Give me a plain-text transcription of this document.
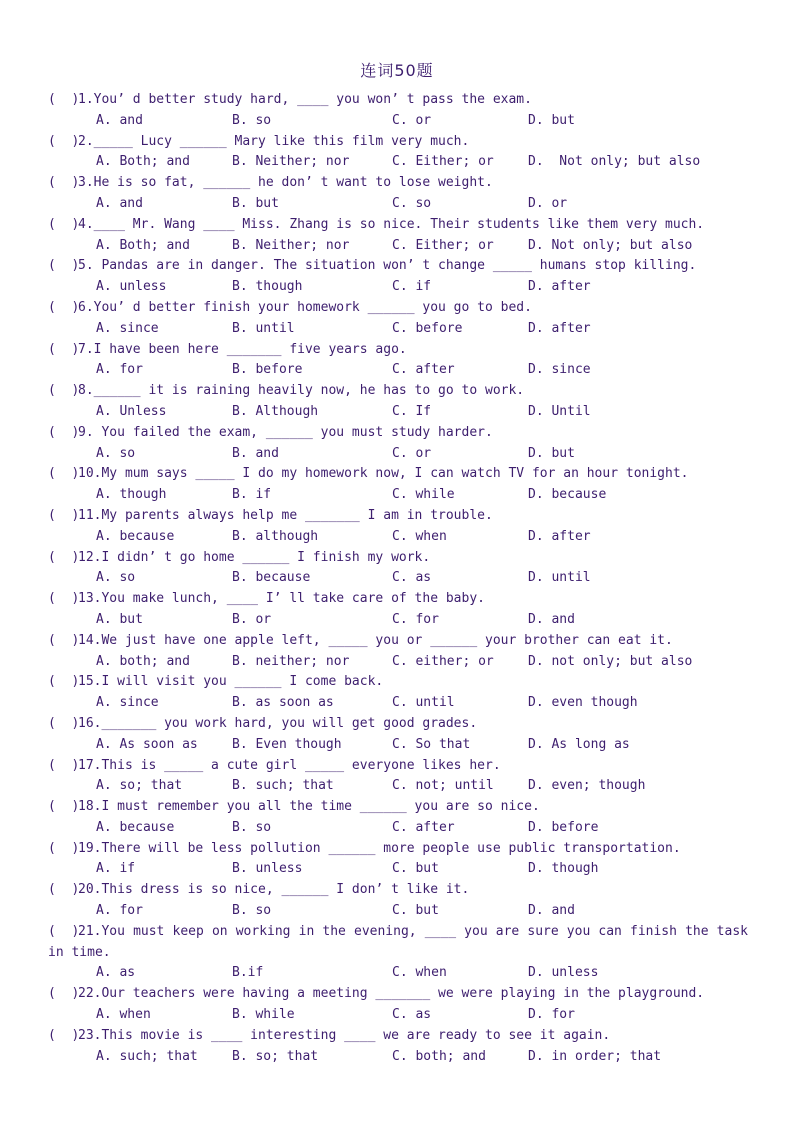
连词50题
(  )1.You’ d better study hard, ____ you won’ t pass the exam.
A. and	B. so	C. or	D. but
(  )2._____ Lucy ______ Mary like this film very much.
A. Both; and	B. Neither; nor	C. Either; or	D.  Not only; but also
(  )3.He is so fat, ______ he don’ t want to lose weight.
A. and	B. but	C. so	D. or
(  )4.____ Mr. Wang ____ Miss. Zhang is so nice. Their students like them very much.
A. Both; and	B. Neither; nor	C. Either; or	D. Not only; but also
(  )5. Pandas are in danger. The situation won’ t change _____ humans stop killing.
A. unless	B. though	C. if	D. after
(  )6.You’ d better finish your homework ______ you go to bed.
A. since	B. until	C. before	D. after
(  )7.I have been here _______ five years ago.
A. for	B. before	C. after	D. since
(  )8.______ it is raining heavily now, he has to go to work.
A. Unless	B. Although	C. If	D. Until
(  )9. You failed the exam, ______ you must study harder.
A. so	B. and	C. or	D. but
(  )10.My mum says _____ I do my homework now, I can watch TV for an hour tonight.
A. though	B. if	C. while	D. because
(  )11.My parents always help me _______ I am in trouble.
A. because	B. although	C. when	D. after
(  )12.I didn’ t go home ______ I finish my work.
A. so	B. because	C. as	D. until
(  )13.You make lunch, ____ I’ ll take care of the baby.
A. but	B. or	C. for	D. and
(  )14.We just have one apple left, _____ you or ______ your brother can eat it.
A. both; and	B. neither; nor	C. either; or	D. not only; but also
(  )15.I will visit you ______ I come back.
A. since	B. as soon as	C. until	D. even though
(  )16._______ you work hard, you will get good grades.
A. As soon as	B. Even though	C. So that	D. As long as
(  )17.This is _____ a cute girl _____ everyone likes her.
A. so; that	B. such; that	C. not; until	D. even; though
(  )18.I must remember you all the time ______ you are so nice.
A. because	B. so	C. after	D. before
(  )19.There will be less pollution ______ more people use public transportation.
A. if	B. unless	C. but	D. though
(  )20.This dress is so nice, ______ I don’ t like it.
A. for	B. so	C. but	D. and
(  )21.You must keep on working in the evening, ____ you are sure you can finish the task in time.
A. as	B.if	C. when	D. unless
(  )22.Our teachers were having a meeting _______ we were playing in the playground.
A. when	B. while	C. as	D. for
(  )23.This movie is ____ interesting ____ we are ready to see it again.
A. such; that	B. so; that	C. both; and	D. in order; that
